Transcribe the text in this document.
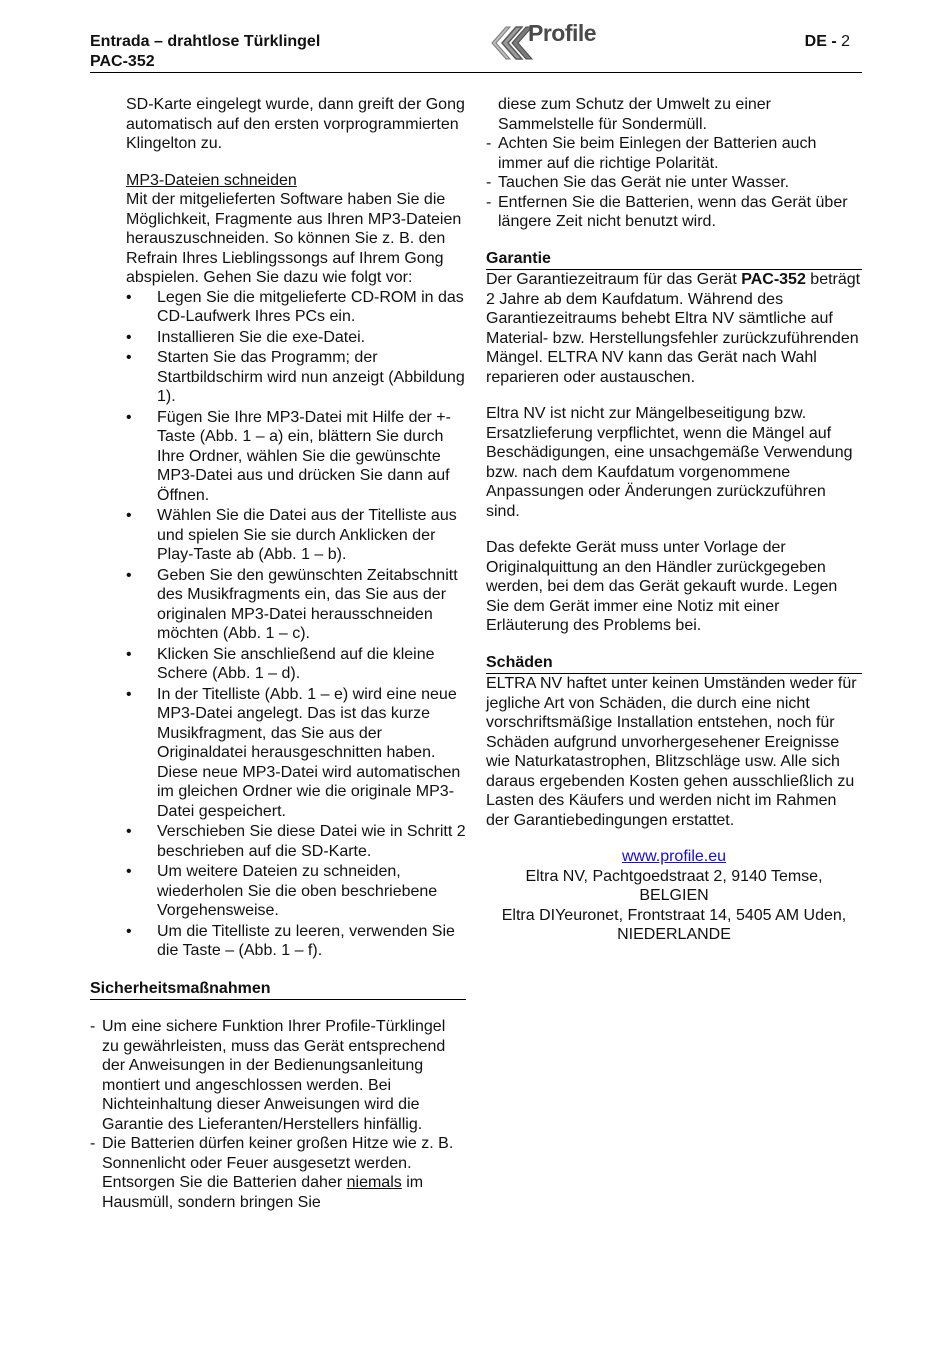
Entrada – drahtlose Türklingel
PAC-352
Profile	DE - 2

SD-Karte eingelegt wurde, dann greift der Gong automatisch auf den ersten vorprogrammierten Klingelton zu.

MP3-Dateien schneiden

Mit der mitgelieferten Software haben Sie die Möglichkeit, Fragmente aus Ihren MP3-Dateien herauszuschneiden. So können Sie z. B. den Refrain Ihres Lieblingssongs auf Ihrem Gong abspielen. Gehen Sie dazu wie folgt vor:

• Legen Sie die mitgelieferte CD-ROM in das CD-Laufwerk Ihres PCs ein.
• Installieren Sie die exe-Datei.
• Starten Sie das Programm; der Startbildschirm wird nun anzeigt (Abbildung 1).
• Fügen Sie Ihre MP3-Datei mit Hilfe der +-Taste (Abb. 1 – a) ein, blättern Sie durch Ihre Ordner, wählen Sie die gewünschte MP3-Datei aus und drücken Sie dann auf Öffnen.
• Wählen Sie die Datei aus der Titelliste aus und spielen Sie sie durch Anklicken der Play-Taste ab (Abb. 1 – b).
• Geben Sie den gewünschten Zeitabschnitt des Musikfragments ein, das Sie aus der originalen MP3-Datei herausschneiden möchten (Abb. 1 – c).
• Klicken Sie anschließend auf die kleine Schere (Abb. 1 – d).
• In der Titelliste (Abb. 1 – e) wird eine neue MP3-Datei angelegt. Das ist das kurze Musikfragment, das Sie aus der Originaldatei herausgeschnitten haben. Diese neue MP3-Datei wird automatischen im gleichen Ordner wie die originale MP3-Datei gespeichert.
• Verschieben Sie diese Datei wie in Schritt 2 beschrieben auf die SD-Karte.
• Um weitere Dateien zu schneiden, wiederholen Sie die oben beschriebene Vorgehensweise.
• Um die Titelliste zu leeren, verwenden Sie die Taste – (Abb. 1 – f).

Sicherheitsmaßnahmen

- Um eine sichere Funktion Ihrer Profile-Türklingel zu gewährleisten, muss das Gerät entsprechend der Anweisungen in der Bedienungsanleitung montiert und angeschlossen werden. Bei Nichteinhaltung dieser Anweisungen wird die Garantie des Lieferanten/Herstellers hinfällig.
- Die Batterien dürfen keiner großen Hitze wie z. B. Sonnenlicht oder Feuer ausgesetzt werden. Entsorgen Sie die Batterien daher niemals im Hausmüll, sondern bringen Sie

diese zum Schutz der Umwelt zu einer Sammelstelle für Sondermüll.

- Achten Sie beim Einlegen der Batterien auch immer auf die richtige Polarität.
- Tauchen Sie das Gerät nie unter Wasser.
- Entfernen Sie die Batterien, wenn das Gerät über längere Zeit nicht benutzt wird.

Garantie

Der Garantiezeitraum für das Gerät PAC-352 beträgt 2 Jahre ab dem Kaufdatum. Während des Garantiezeitraums behebt Eltra NV sämtliche auf Material- bzw. Herstellungsfehler zurückzuführenden Mängel. ELTRA NV kann das Gerät nach Wahl reparieren oder austauschen.

Eltra NV ist nicht zur Mängelbeseitigung bzw. Ersatzlieferung verpflichtet, wenn die Mängel auf Beschädigungen, eine unsachgemäße Verwendung bzw. nach dem Kaufdatum vorgenommene Anpassungen oder Änderungen zurückzuführen sind.

Das defekte Gerät muss unter Vorlage der Originalquittung an den Händler zurückgegeben werden, bei dem das Gerät gekauft wurde. Legen Sie dem Gerät immer eine Notiz mit einer Erläuterung des Problems bei.

Schäden

ELTRA NV haftet unter keinen Umständen weder für jegliche Art von Schäden, die durch eine nicht vorschriftsmäßige Installation entstehen, noch für Schäden aufgrund unvorhergesehener Ereignisse wie Naturkatastrophen, Blitzschläge usw. Alle sich daraus ergebenden Kosten gehen ausschließlich zu Lasten des Käufers und werden nicht im Rahmen der Garantiebedingungen erstattet.

www.profile.eu

Eltra NV, Pachtgoedstraat 2, 9140 Temse,

BELGIEN

Eltra DIYeuronet, Frontstraat 14, 5405 AM Uden,

NIEDERLANDE
